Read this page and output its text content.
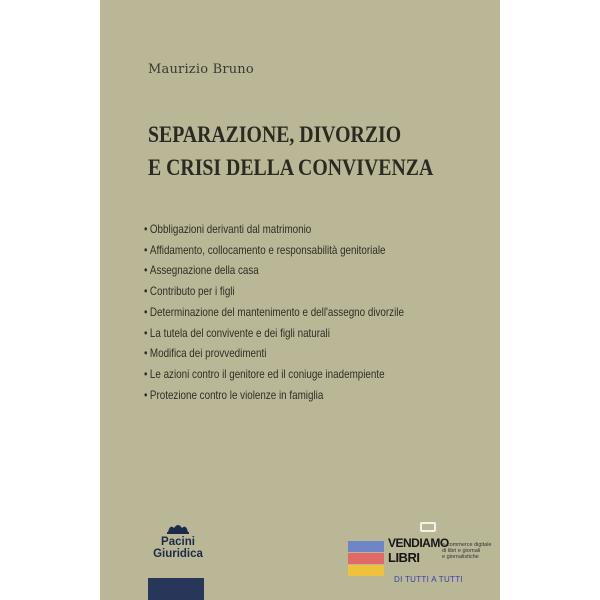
Maurizio Bruno
SEPARAZIONE, DIVORZIO
E CRISI DELLA CONVIVENZA
• Obbligazioni derivanti dal matrimonio
• Affidamento, collocamento e responsabilità genitoriale
• Assegnazione della casa
• Contributo per i figli
• Determinazione del mantenimento e dell'assegno divorzile
• La tutela del convivente e dei figli naturali
• Modifica dei provvedimenti
• Le azioni contro il genitore ed il coniuge inadempiente
• Protezione contro le violenze in famiglia
Pacini
Giuridica
VENDIAMO
LIBRI
e-commerce digitale
di libri e giornali
e giornalistiche
DI TUTTI A TUTTI
